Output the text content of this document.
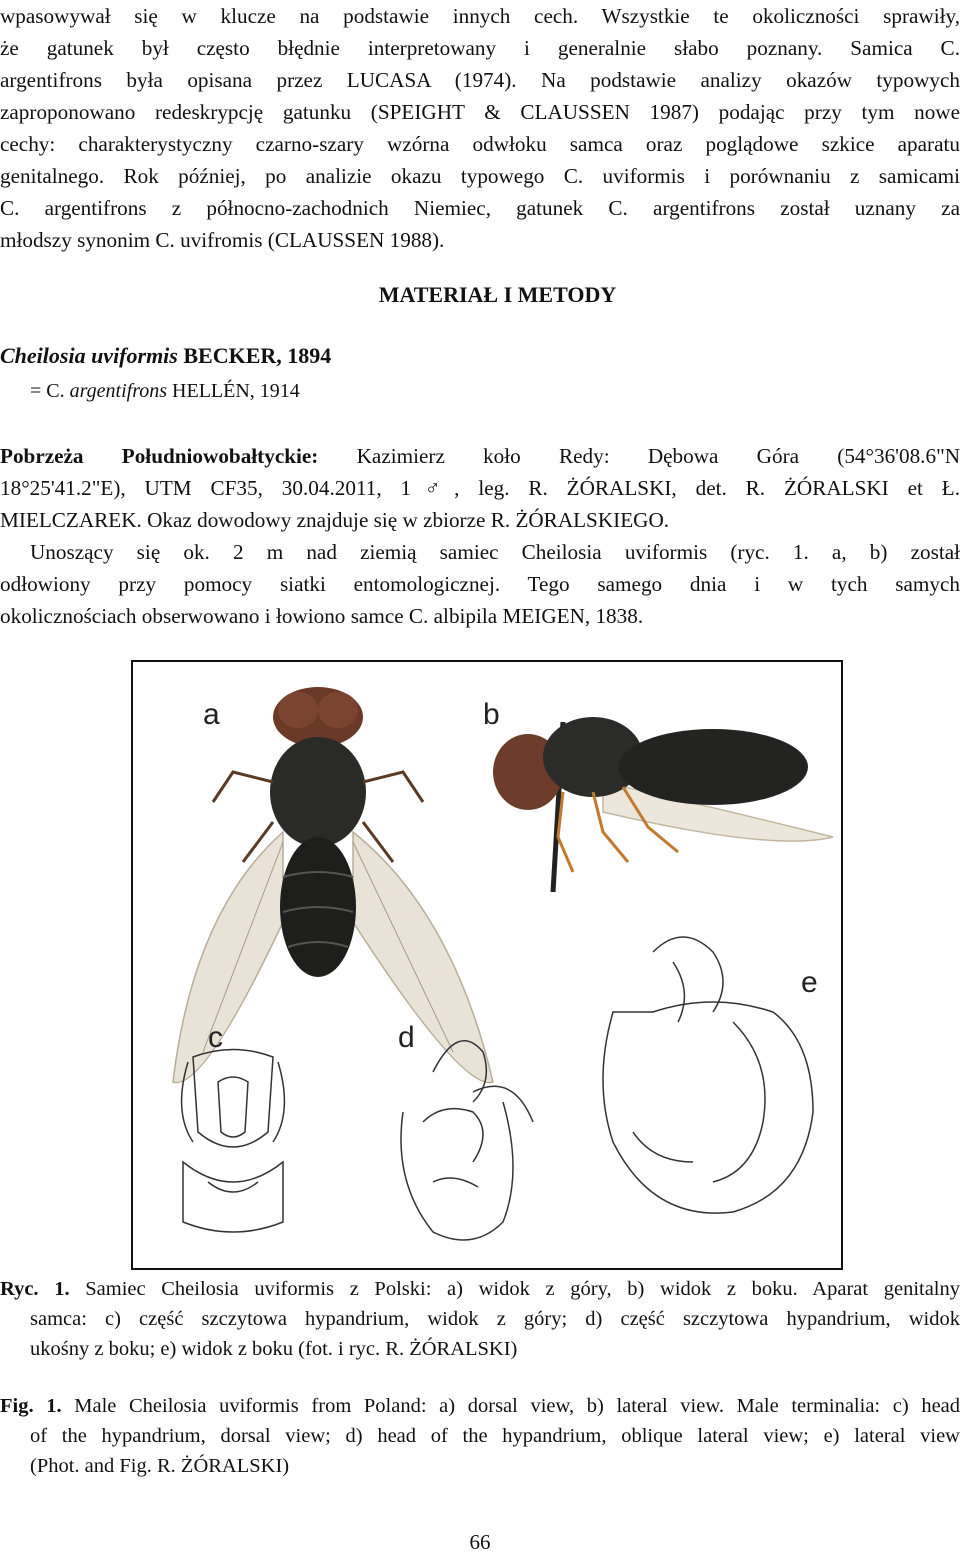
wpasowywał się w klucze na podstawie innych cech. Wszystkie te okoliczności sprawiły,
że gatunek był często błędnie interpretowany i generalnie słabo poznany. Samica C.
argentifrons była opisana przez LUCASA (1974). Na podstawie analizy okazów typowych
zaproponowano redeskrypcję gatunku (SPEIGHT & CLAUSSEN 1987) podając przy tym nowe
cechy: charakterystyczny czarno-szary wzórna odwłoku samca oraz poglądowe szkice aparatu
genitalnego. Rok później, po analizie okazu typowego C. uviformis i porównaniu z samicami
C. argentifrons z północno-zachodnich Niemiec, gatunek C. argentifrons został uznany za
młodszy synonim C. uvifromis (CLAUSSEN 1988).
MATERIAŁ I METODY
Cheilosia uviformis BECKER, 1894
= C. argentifrons HELLÉN, 1914
Pobrzeża Południowobałtyckie: Kazimierz koło Redy: Dębowa Góra (54°36'08.6"N
18°25'41.2"E), UTM CF35, 30.04.2011, 1♂, leg. R. ŻÓRALSKI, det. R. ŻÓRALSKI et Ł.
MIELCZAREK. Okaz dowodowy znajduje się w zbiorze R. ŻÓRALSKIEGO.
Unoszący się ok. 2 m nad ziemią samiec Cheilosia uviformis (ryc. 1. a, b) został
odłowiony przy pomocy siatki entomologicznej. Tego samego dnia i w tych samych
okolicznościach obserwowano i łowiono samce C. albipila MEIGEN, 1838.
a	b
c	d
e
Ryc. 1. Samiec Cheilosia uviformis z Polski: a) widok z góry, b) widok z boku. Aparat genitalny
samca: c) część szczytowa hypandrium, widok z góry; d) część szczytowa hypandrium, widok
ukośny z boku; e) widok z boku (fot. i ryc. R. ŻÓRALSKI)
Fig. 1. Male Cheilosia uviformis from Poland: a) dorsal view, b) lateral view. Male terminalia: c) head
of the hypandrium, dorsal view; d) head of the hypandrium, oblique lateral view; e) lateral view
(Phot. and Fig. R. ŻÓRALSKI)
66
